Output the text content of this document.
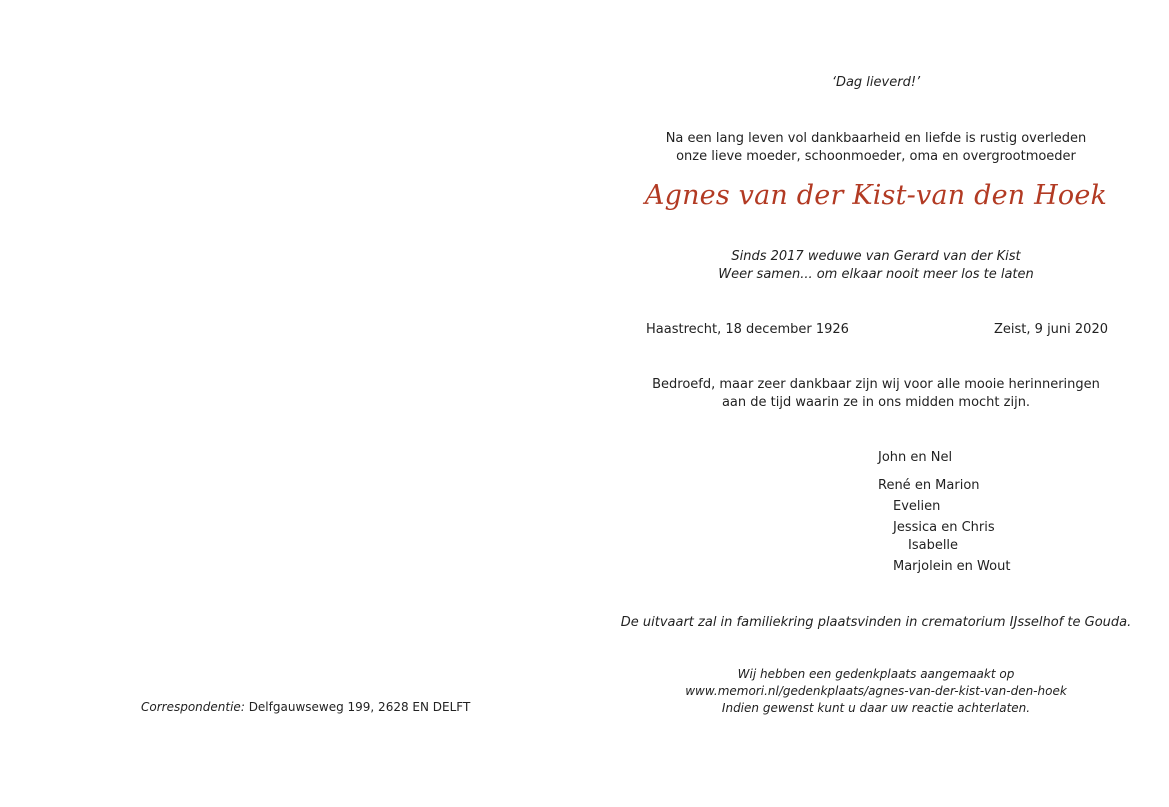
‘Dag lieverd!’
Na een lang leven vol dankbaarheid en liefde is rustig overleden
onze lieve moeder, schoonmoeder, oma en overgrootmoeder
Agnes van der Kist-van den Hoek
Sinds 2017 weduwe van Gerard van der Kist
Weer samen... om elkaar nooit meer los te laten
Haastrecht, 18 december 1926	Zeist, 9 juni 2020
Bedroefd, maar zeer dankbaar zijn wij voor alle mooie herinneringen
aan de tijd waarin ze in ons midden mocht zijn.
John en Nel
René en Marion
Evelien
Jessica en Chris
Isabelle
Marjolein en Wout
De uitvaart zal in familiekring plaatsvinden in crematorium IJsselhof te Gouda.
Wij hebben een gedenkplaats aangemaakt op
www.memori.nl/gedenkplaats/agnes-van-der-kist-van-den-hoek
Indien gewenst kunt u daar uw reactie achterlaten.
Correspondentie: Delfgauwseweg 199, 2628 EN DELFT
